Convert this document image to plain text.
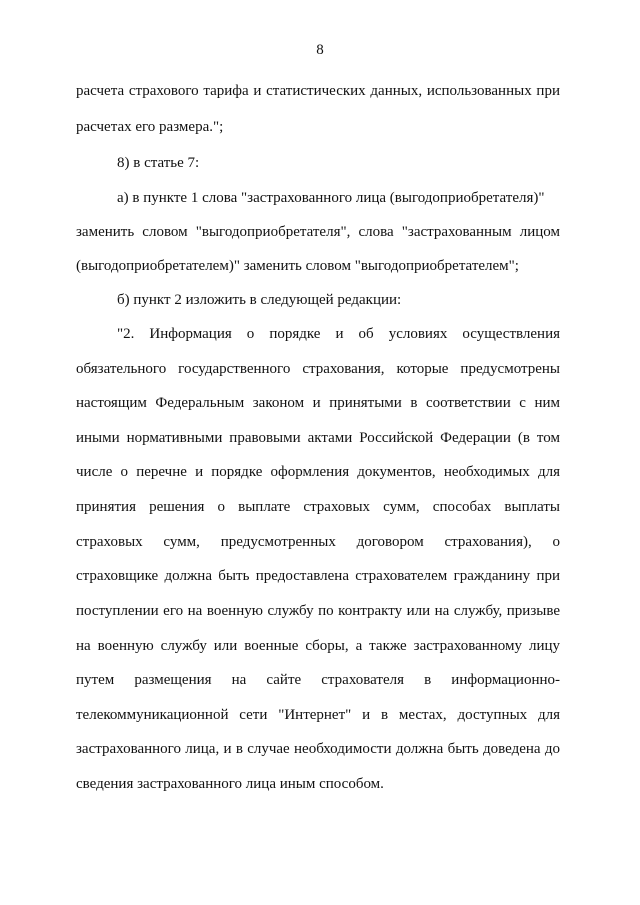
8
расчета страхового тарифа и статистических данных, использованных при
расчетах его размера.";
8) в статье 7:
а) в пункте 1 слова "застрахованного лица (выгодоприобретателя)"
заменить словом "выгодоприобретателя", слова "застрахованным лицом
(выгодоприобретателем)" заменить словом "выгодоприобретателем";
б) пункт 2 изложить в следующей редакции:
"2. Информация о порядке и об условиях осуществления
обязательного государственного страхования, которые предусмотрены
настоящим Федеральным законом и принятыми в соответствии с ним
иными нормативными правовыми актами Российской Федерации (в том
числе о перечне и порядке оформления документов, необходимых для
принятия решения о выплате страховых сумм, способах выплаты
страховых сумм, предусмотренных договором страхования), о
страховщике должна быть предоставлена страхователем гражданину при
поступлении его на военную службу по контракту или на службу, призыве
на военную службу или военные сборы, а также застрахованному лицу
путем размещения на сайте страхователя в информационно-
телекоммуникационной сети "Интернет" и в местах, доступных для
застрахованного лица, и в случае необходимости должна быть доведена до
сведения застрахованного лица иным способом.
